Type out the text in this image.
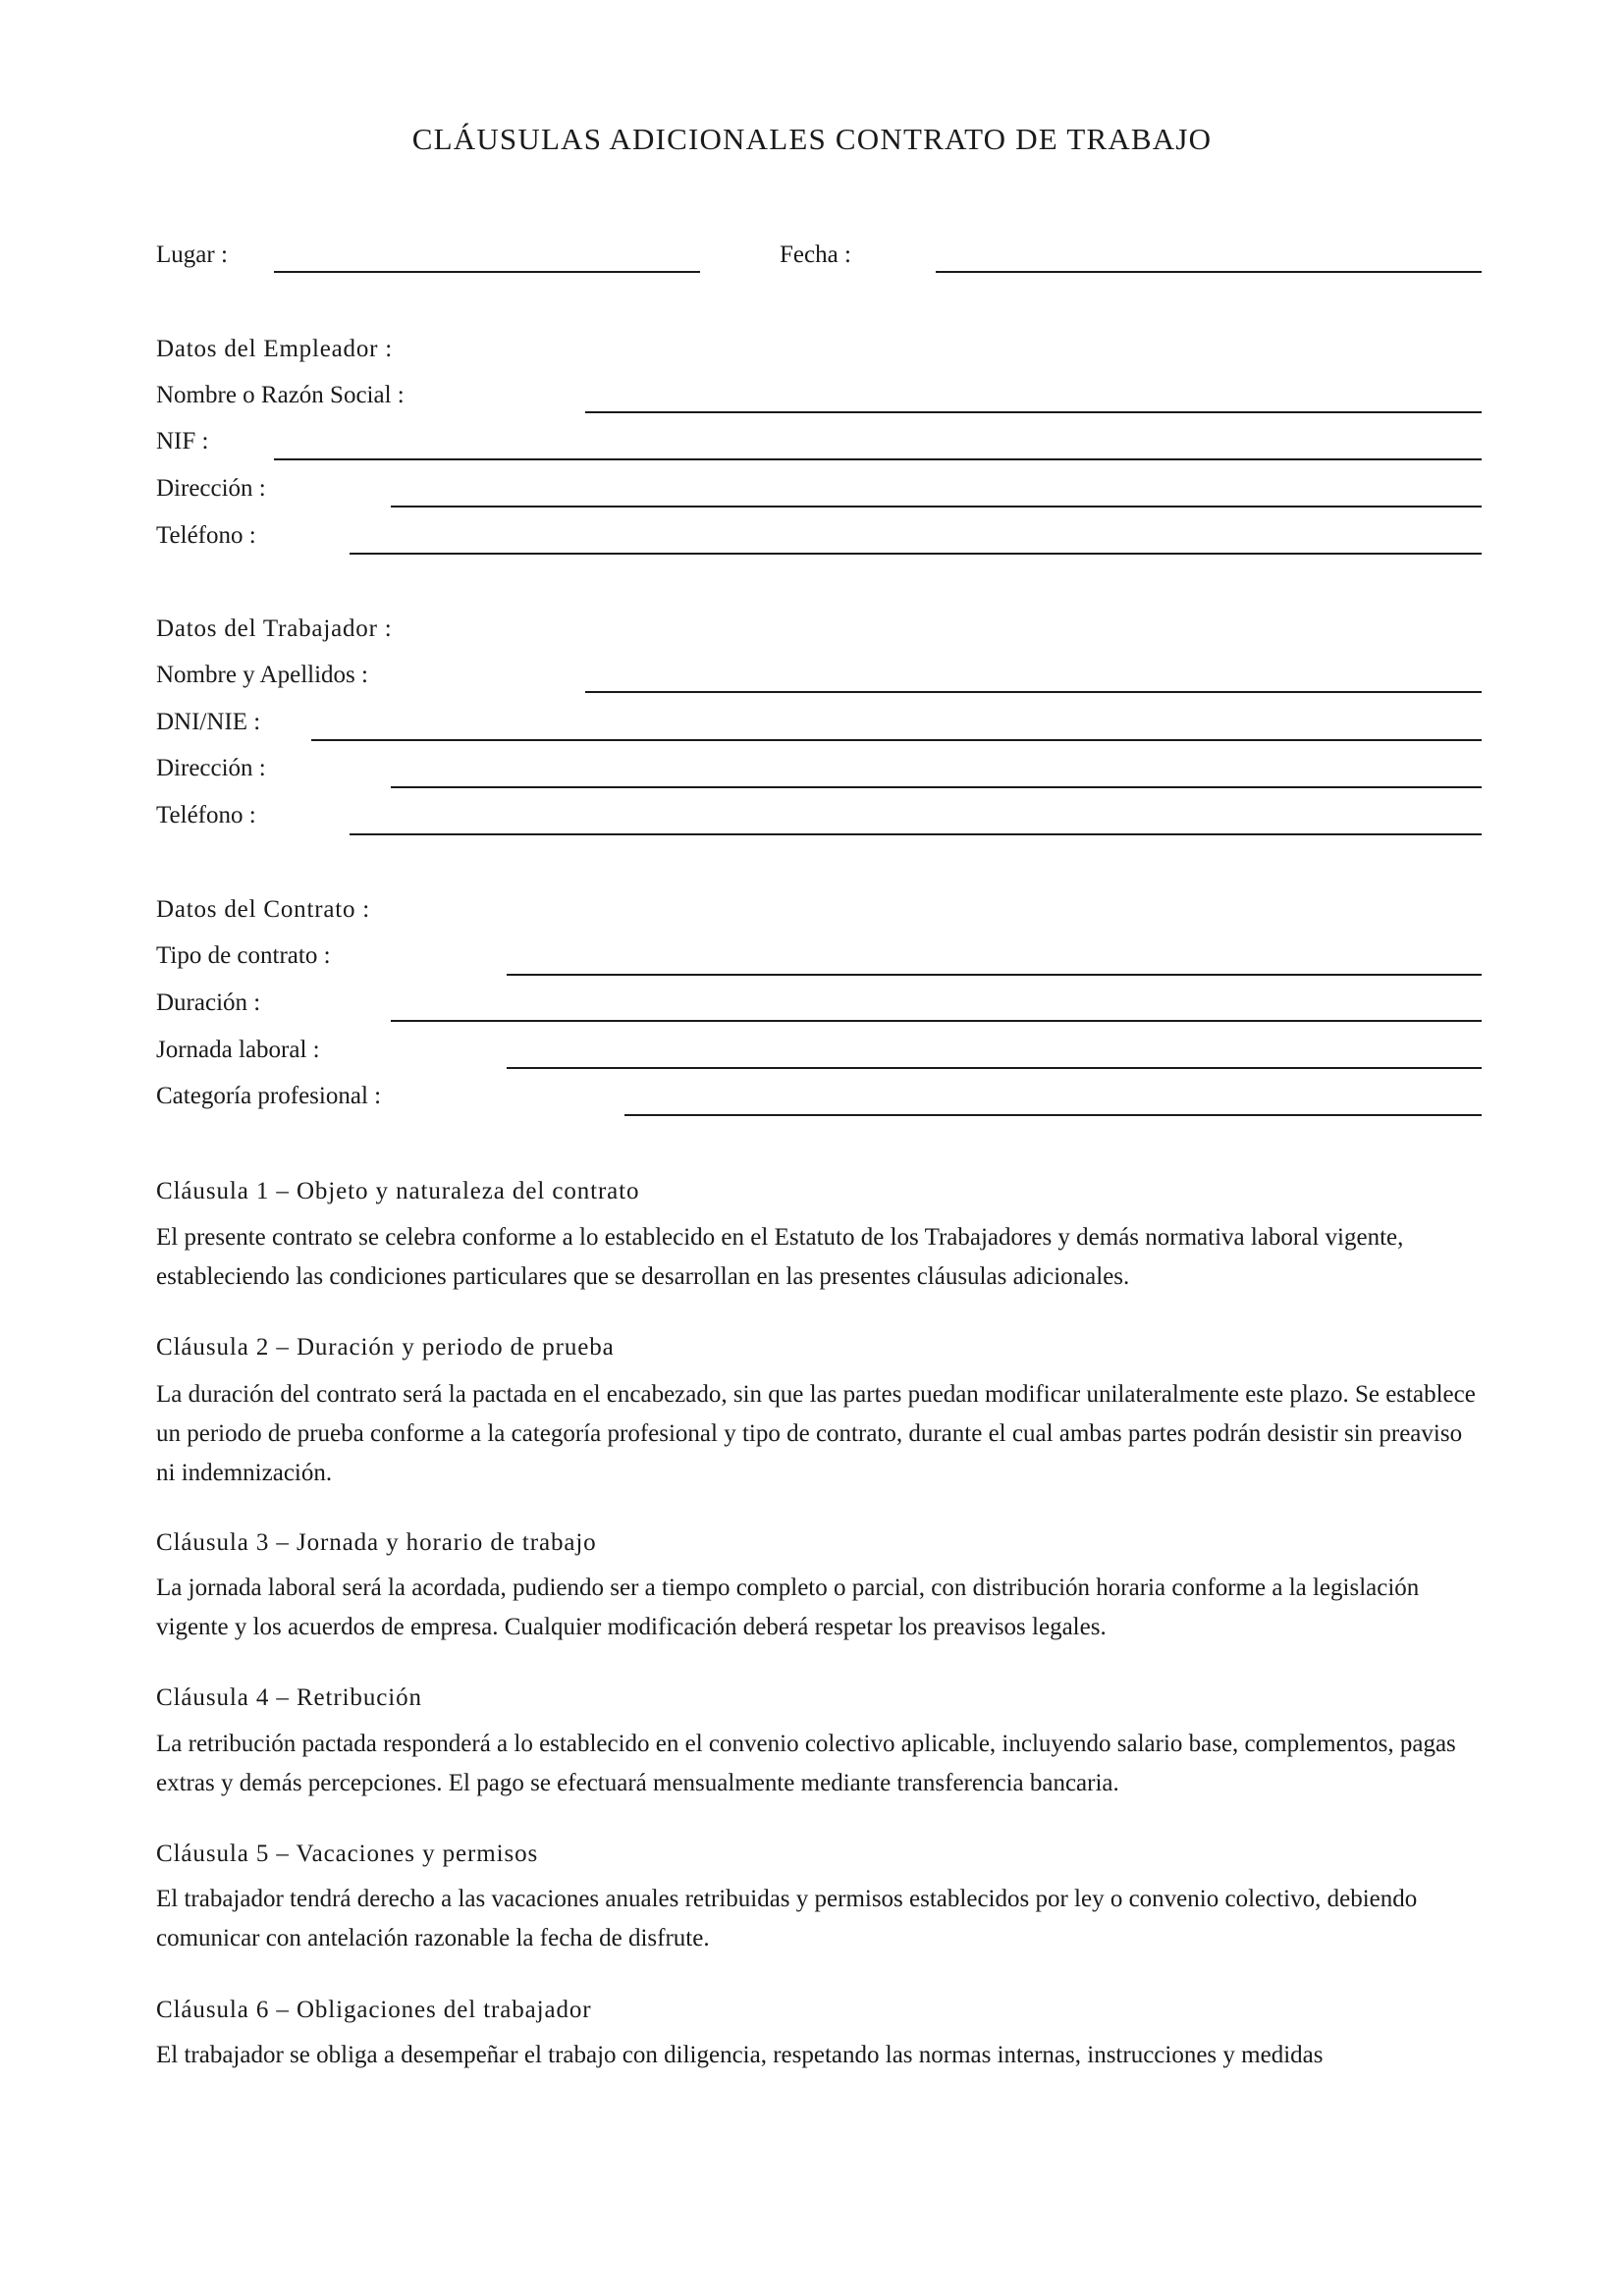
CLÁUSULAS ADICIONALES CONTRATO DE TRABAJO
Lugar :	Fecha :
Datos del Empleador :
Nombre o Razón Social :
NIF :
Dirección :
Teléfono :
Datos del Trabajador :
Nombre y Apellidos :
DNI/NIE :
Dirección :
Teléfono :
Datos del Contrato :
Tipo de contrato :
Duración :
Jornada laboral :
Categoría profesional :
Cláusula 1 – Objeto y naturaleza del contrato
El presente contrato se celebra conforme a lo establecido en el Estatuto de los Trabajadores y demás normativa laboral vigente, estableciendo las condiciones particulares que se desarrollan en las presentes cláusulas adicionales.
Cláusula 2 – Duración y periodo de prueba
La duración del contrato será la pactada en el encabezado, sin que las partes puedan modificar unilateralmente este plazo. Se establece un periodo de prueba conforme a la categoría profesional y tipo de contrato, durante el cual ambas partes podrán desistir sin preaviso ni indemnización.
Cláusula 3 – Jornada y horario de trabajo
La jornada laboral será la acordada, pudiendo ser a tiempo completo o parcial, con distribución horaria conforme a la legislación vigente y los acuerdos de empresa. Cualquier modificación deberá respetar los preavisos legales.
Cláusula 4 – Retribución
La retribución pactada responderá a lo establecido en el convenio colectivo aplicable, incluyendo salario base, complementos, pagas extras y demás percepciones. El pago se efectuará mensualmente mediante transferencia bancaria.
Cláusula 5 – Vacaciones y permisos
El trabajador tendrá derecho a las vacaciones anuales retribuidas y permisos establecidos por ley o convenio colectivo, debiendo comunicar con antelación razonable la fecha de disfrute.
Cláusula 6 – Obligaciones del trabajador
El trabajador se obliga a desempeñar el trabajo con diligencia, respetando las normas internas, instrucciones y medidas
